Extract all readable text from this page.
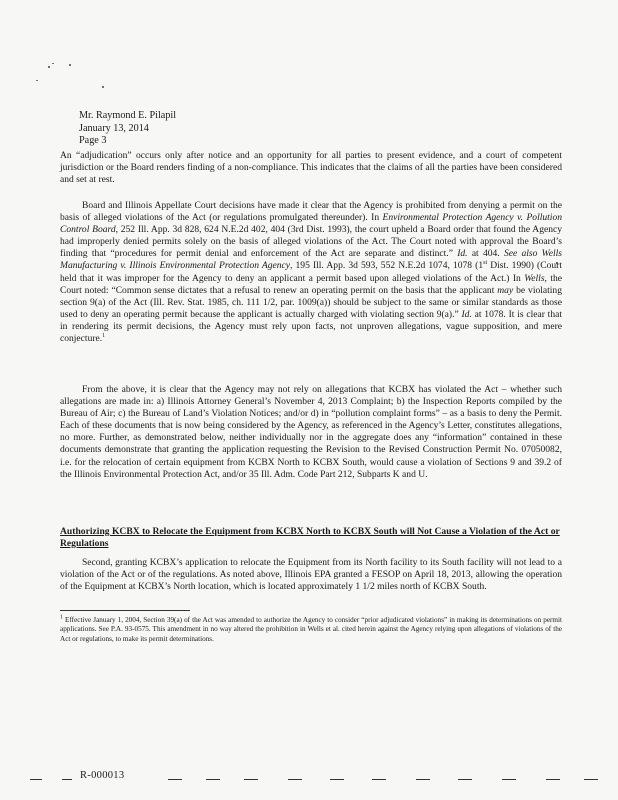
Mr. Raymond E. Pilapil
January 13, 2014
Page 3
An “adjudication” occurs only after notice and an opportunity for all parties to present evidence, and a court of competent jurisdiction or the Board renders finding of a non-compliance. This indicates that the claims of all the parties have been considered and set at rest.
Board and Illinois Appellate Court decisions have made it clear that the Agency is prohibited from denying a permit on the basis of alleged violations of the Act (or regulations promulgated thereunder). In Environmental Protection Agency v. Pollution Control Board, 252 Ill. App. 3d 828, 624 N.E.2d 402, 404 (3rd Dist. 1993), the court upheld a Board order that found the Agency had improperly denied permits solely on the basis of alleged violations of the Act. The Court noted with approval the Board’s finding that “procedures for permit denial and enforcement of the Act are separate and distinct.” Id. at 404. See also Wells Manufacturing v. Illinois Environmental Protection Agency, 195 Ill. App. 3d 593, 552 N.E.2d 1074, 1078 (1st Dist. 1990) (Court held that it was improper for the Agency to deny an applicant a permit based upon alleged violations of the Act.) In Wells, the Court noted: “Common sense dictates that a refusal to renew an operating permit on the basis that the applicant may be violating section 9(a) of the Act (Ill. Rev. Stat. 1985, ch. 111 1/2, par. 1009(a)) should be subject to the same or similar standards as those used to deny an operating permit because the applicant is actually charged with violating section 9(a).” Id. at 1078. It is clear that in rendering its permit decisions, the Agency must rely upon facts, not unproven allegations, vague supposition, and mere conjecture.$^1$
From the above, it is clear that the Agency may not rely on allegations that KCBX has violated the Act – whether such allegations are made in: a) Illinois Attorney General’s November 4, 2013 Complaint; b) the Inspection Reports compiled by the Bureau of Air; c) the Bureau of Land’s Violation Notices; and/or d) in “pollution complaint forms” – as a basis to deny the Permit. Each of these documents that is now being considered by the Agency, as referenced in the Agency’s Letter, constitutes allegations, no more. Further, as demonstrated below, neither individually nor in the aggregate does any “information” contained in these documents demonstrate that granting the application requesting the Revision to the Revised Construction Permit No. 07050082, i.e. for the relocation of certain equipment from KCBX North to KCBX South, would cause a violation of Sections 9 and 39.2 of the Illinois Environmental Protection Act, and/or 35 Ill. Adm. Code Part 212, Subparts K and U.
Authorizing KCBX to Relocate the Equipment from KCBX North to KCBX South will Not Cause a Violation of the Act or Regulations
Second, granting KCBX’s application to relocate the Equipment from its North facility to its South facility will not lead to a violation of the Act or of the regulations. As noted above, Illinois EPA granted a FESOP on April 18, 2013, allowing the operation of the Equipment at KCBX’s North location, which is located approximately 1 1/2 miles north of KCBX South.
$^1$ Effective January 1, 2004, Section 39(a) of the Act was amended to authorize the Agency to consider “prior adjudicated violations” in making its determinations on permit applications. See P.A. 93-0575. This amendment in no way altered the prohibition in Wells et al. cited herein against the Agency relying upon allegations of violations of the Act or regulations, to make its permit determinations.
R-000013
